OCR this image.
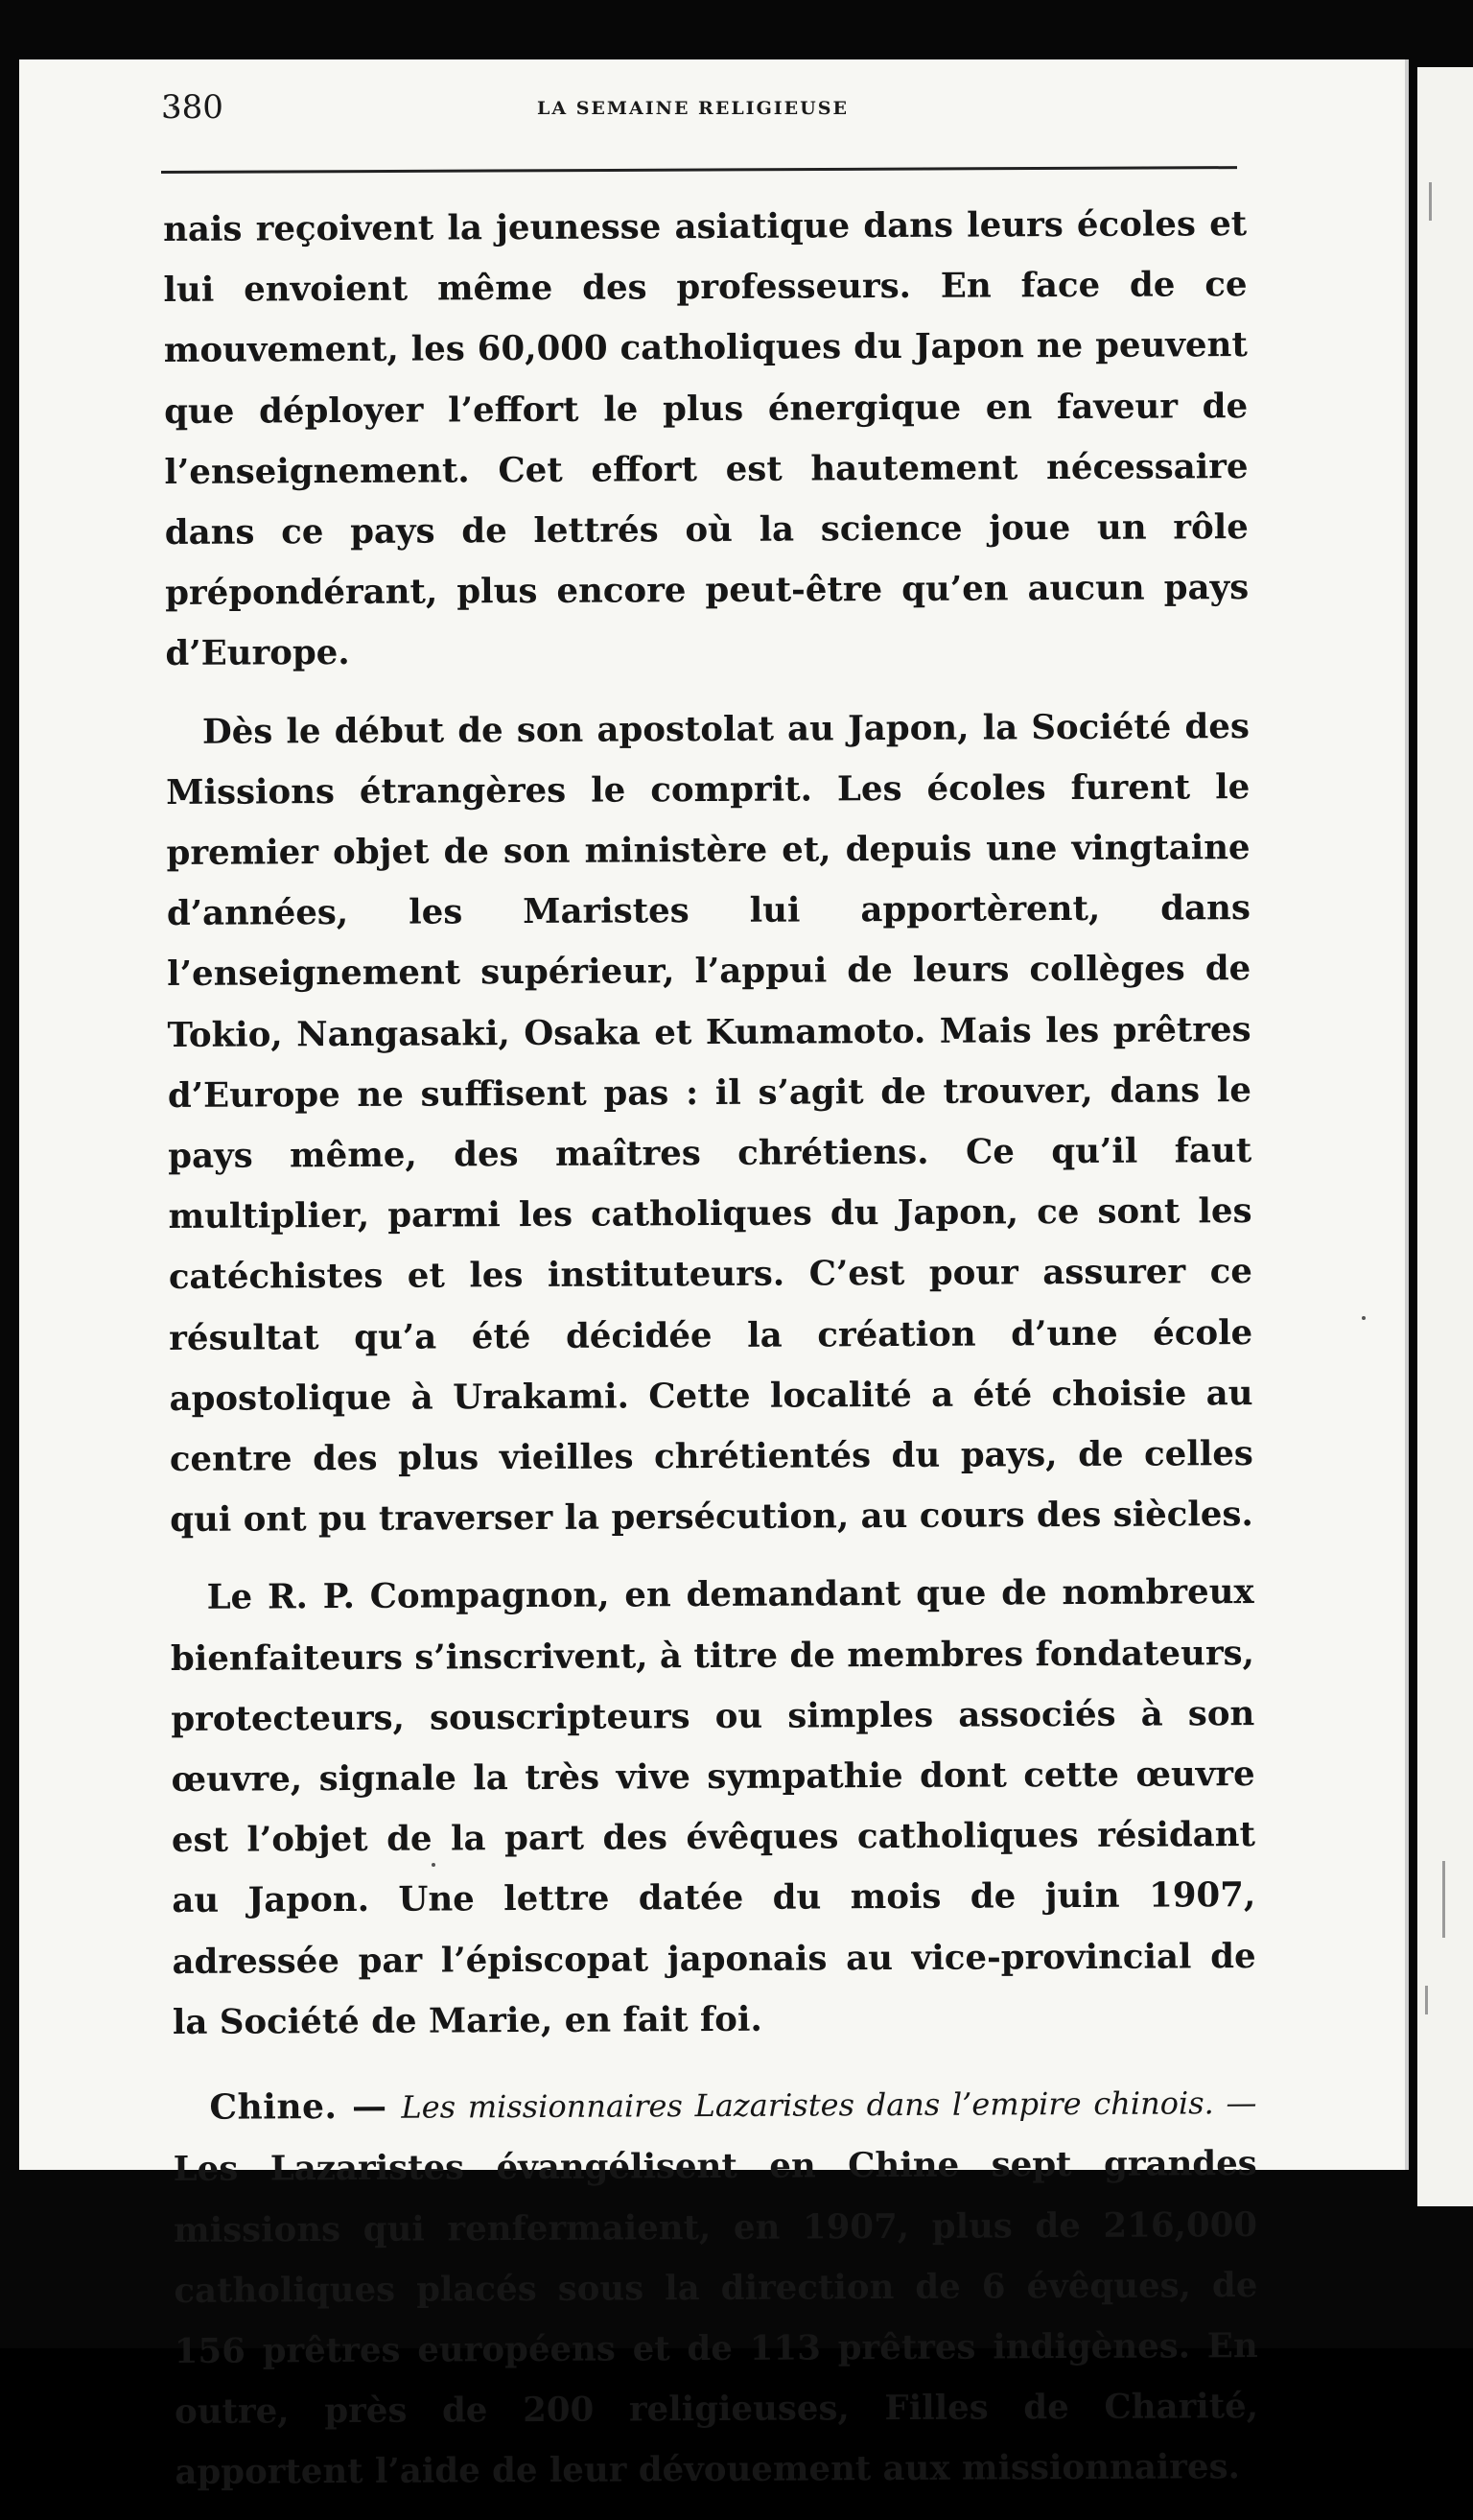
380	LA SEMAINE RELIGIEUSE

nais reçoivent la jeunesse asiatique dans leurs écoles et lui envoient même des professeurs. En face de ce mouvement, les 60,000 catholiques du Japon ne peuvent que déployer l’effort le plus énergique en faveur de l’enseignement. Cet effort est hautement nécessaire dans ce pays de lettrés où la science joue un rôle prépondérant, plus encore peut-être qu’en aucun pays d’Europe.

Dès le début de son apostolat au Japon, la Société des Missions étrangères le comprit. Les écoles furent le premier objet de son ministère et, depuis une vingtaine d’années, les Maristes lui apportèrent, dans l’enseignement supérieur, l’appui de leurs collèges de Tokio, Nangasaki, Osaka et Kumamoto. Mais les prêtres d’Europe ne suffisent pas : il s’agit de trouver, dans le pays même, des maîtres chrétiens. Ce qu’il faut multiplier, parmi les catholiques du Japon, ce sont les catéchistes et les instituteurs. C’est pour assurer ce résultat qu’a été décidée la création d’une école apostolique à Urakami. Cette localité a été choisie au centre des plus vieilles chrétientés du pays, de celles qui ont pu traverser la persécution, au cours des siècles.

Le R. P. Compagnon, en demandant que de nombreux bienfaiteurs s’inscrivent, à titre de membres fondateurs, protecteurs, souscripteurs ou simples associés à son œuvre, signale la très vive sympathie dont cette œuvre est l’objet de la part des évêques catholiques résidant au Japon. Une lettre datée du mois de juin 1907, adressée par l’épiscopat japonais au vice-provincial de la Société de Marie, en fait foi.

Chine. — Les missionnaires Lazaristes dans l’empire chinois. — Les Lazaristes évangélisent en Chine sept grandes missions qui renfermaient, en 1907, plus de 216,000 catholiques placés sous la direction de 6 évêques, de 156 prêtres européens et de 113 prêtres indigènes. En outre, près de 200 religieuses, Filles de Charité, apportent l’aide de leur dévouement aux missionnaires.
